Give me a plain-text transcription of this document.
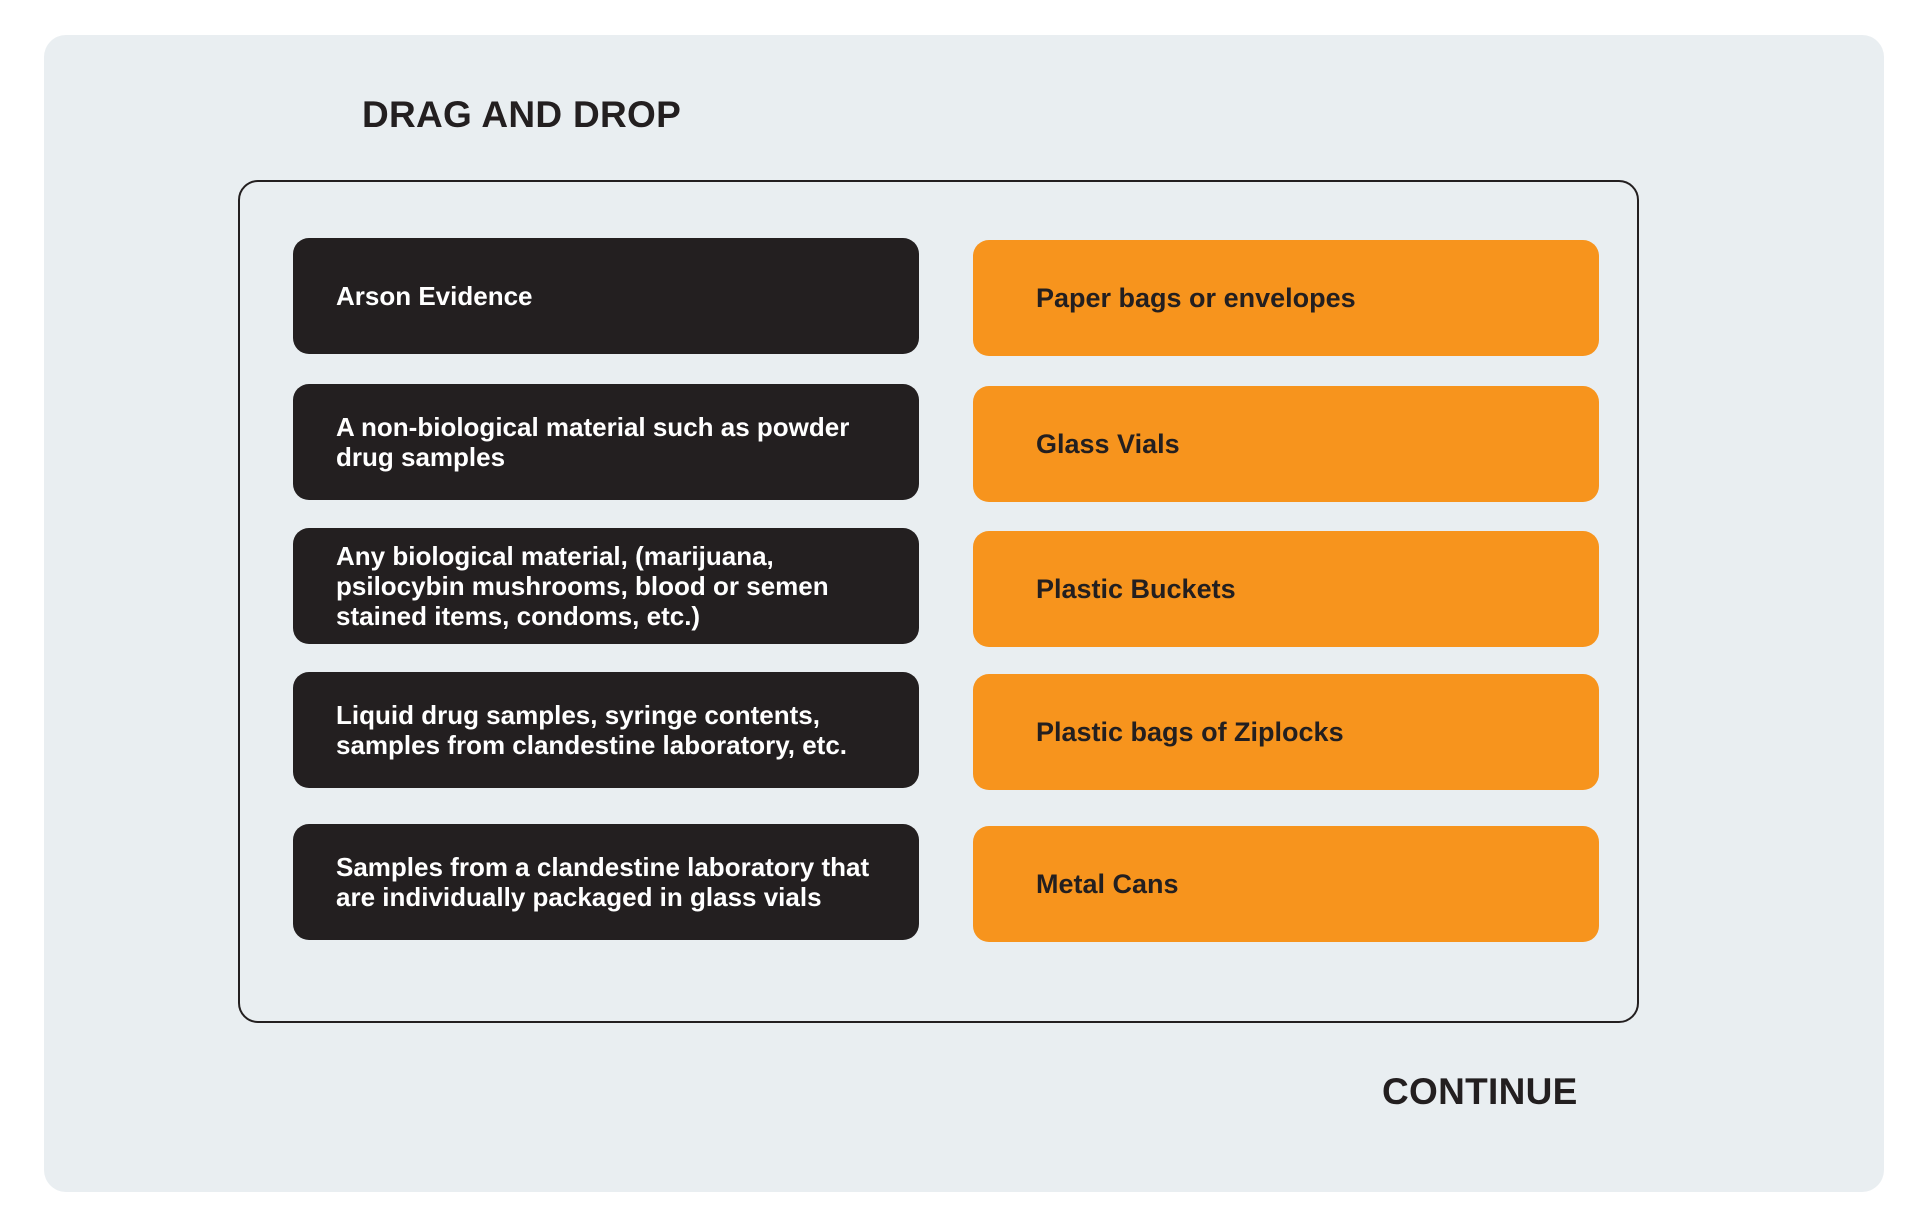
DRAG AND DROP
Arson Evidence
A non-biological material such as powder drug samples
Any biological material, (marijuana, psilocybin mushrooms, blood or semen stained items, condoms, etc.)
Liquid drug samples, syringe contents, samples from clandestine laboratory, etc.
Samples from a clandestine laboratory that are individually packaged in glass vials
Paper bags or envelopes
Glass Vials
Plastic Buckets
Plastic bags of Ziplocks
Metal Cans
CONTINUE
